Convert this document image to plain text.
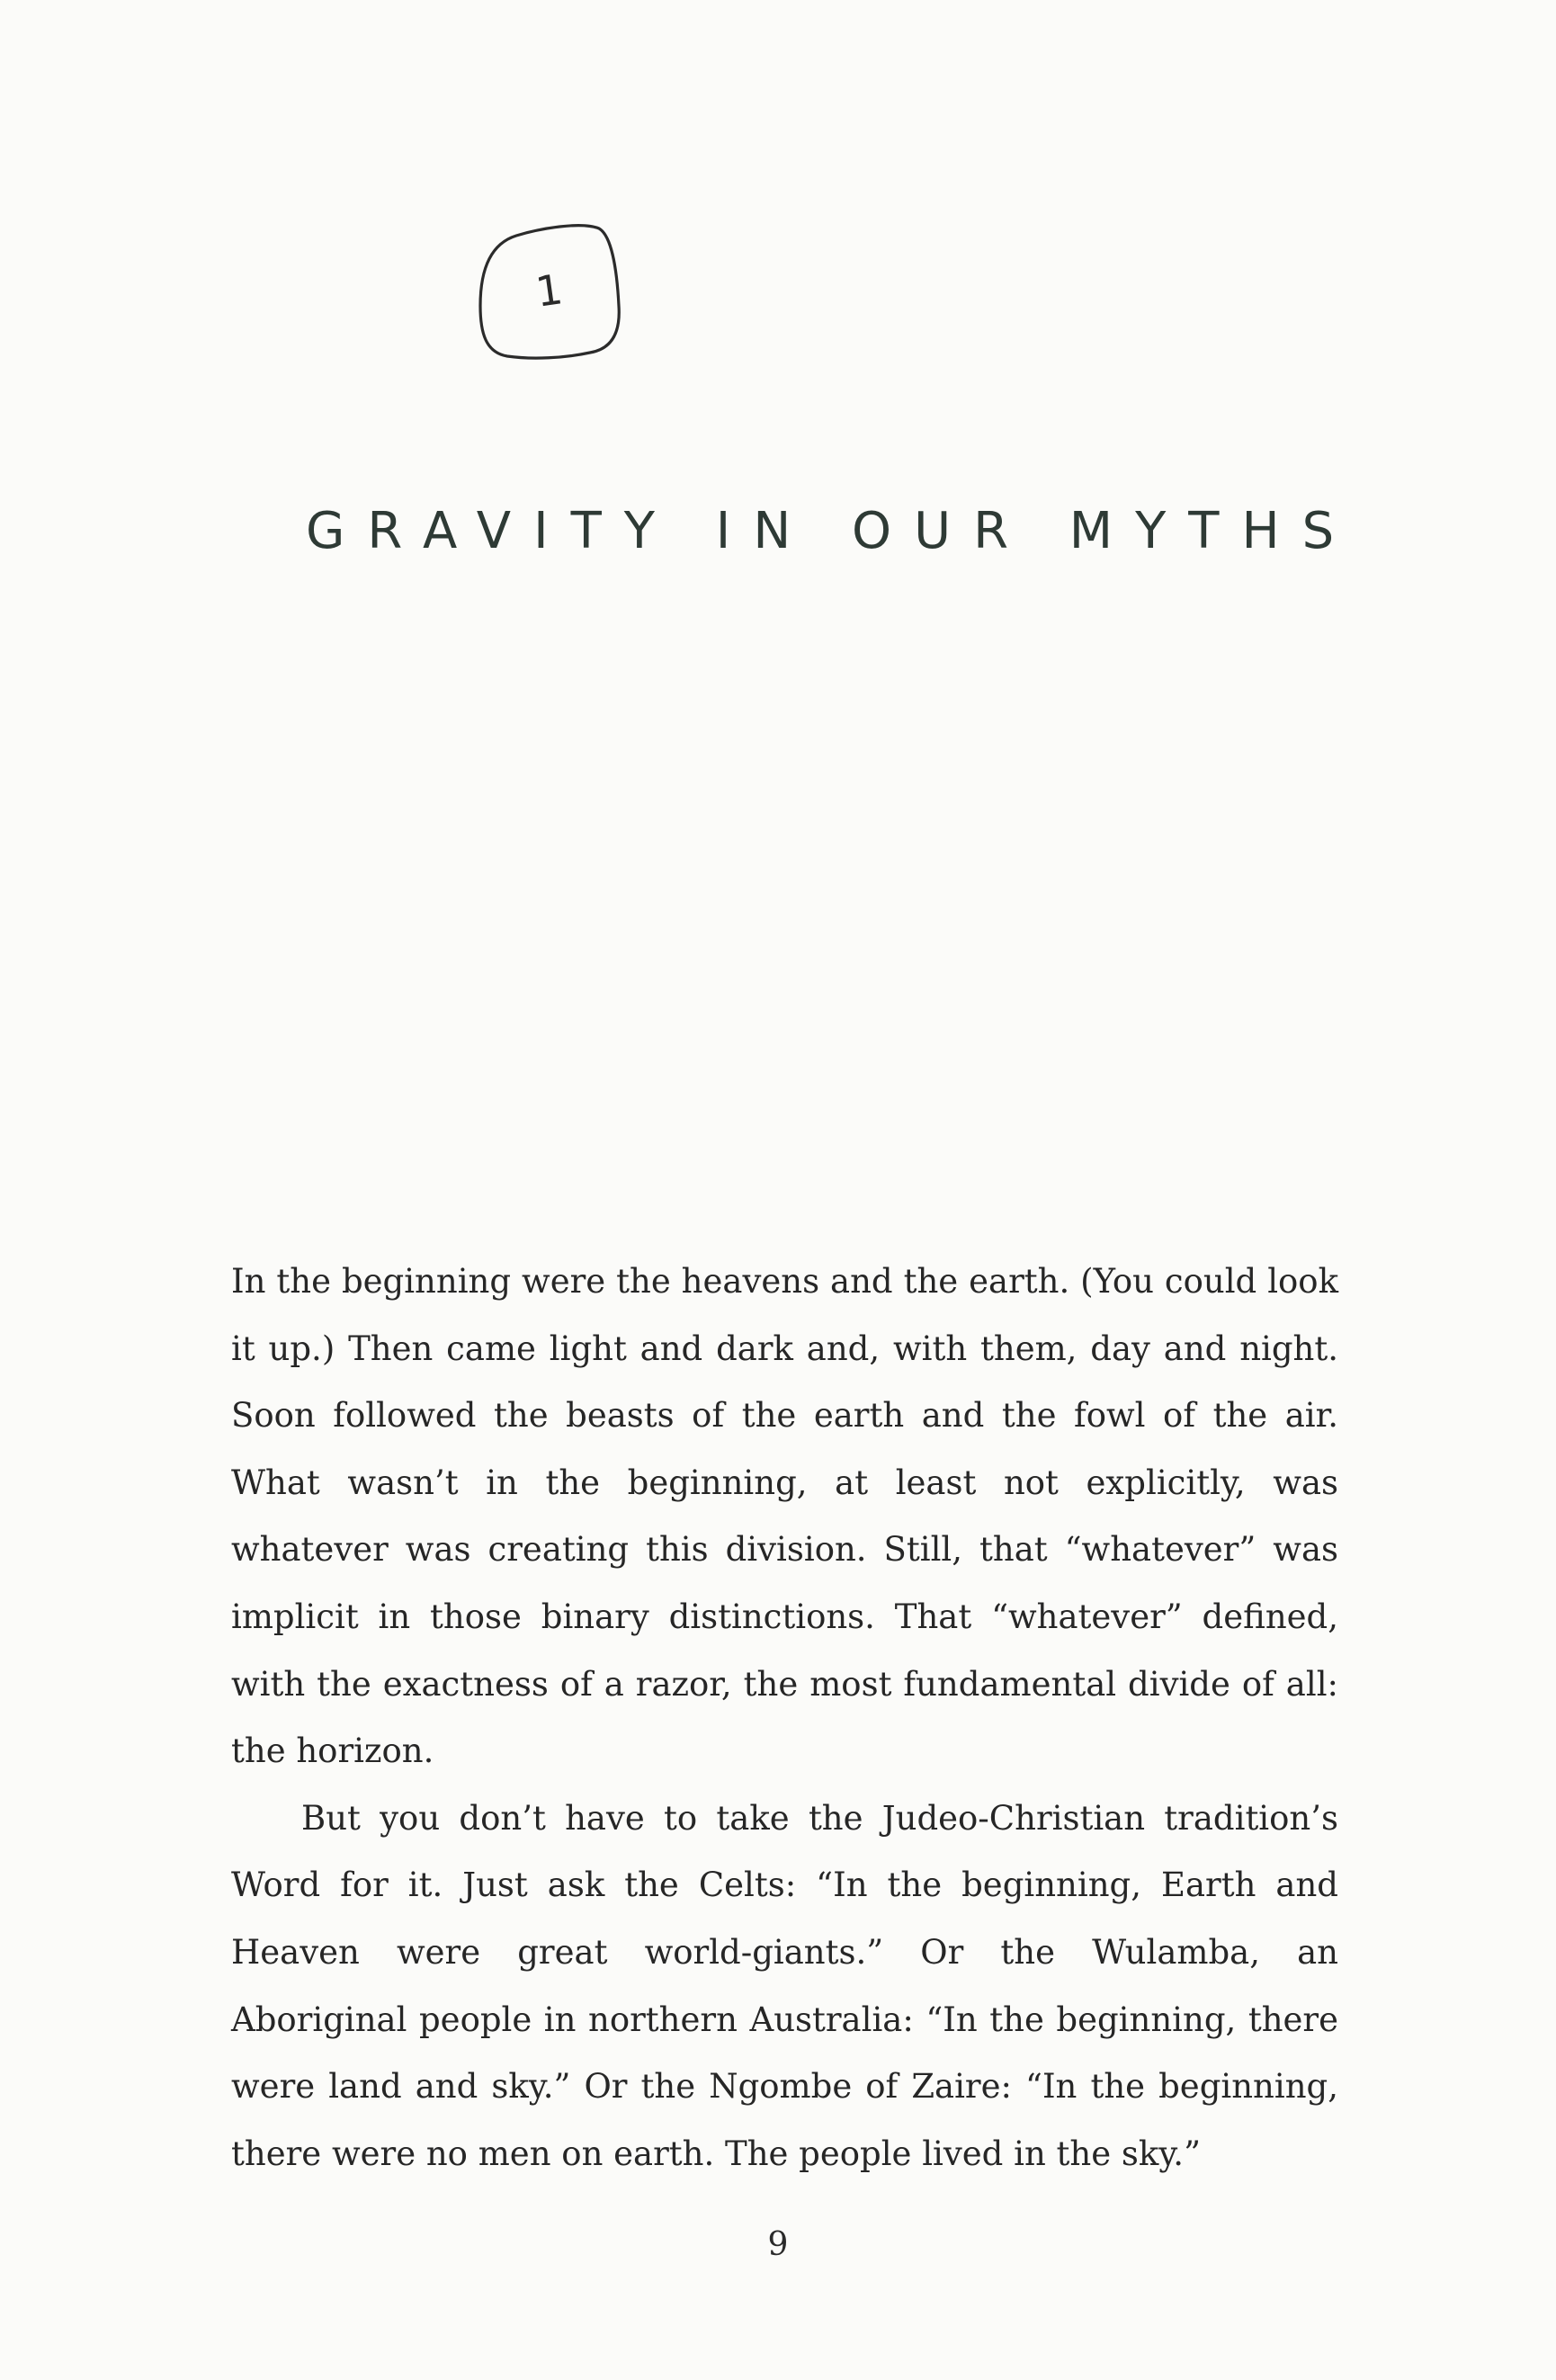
1
GRAVITY IN OUR MYTHS

In the beginning were the heavens and the earth. (You could look it up.) Then came light and dark and, with them, day and night. Soon followed the beasts of the earth and the fowl of the air. What wasn’t in the beginning, at least not explicitly, was whatever was creating this division. Still, that “whatever” was implicit in those binary distinctions. That “whatever” defined, with the exactness of a razor, the most fundamental divide of all: the horizon.

But you don’t have to take the Judeo-Christian tradition’s Word for it. Just ask the Celts: “In the beginning, Earth and Heaven were great world-giants.” Or the Wulamba, an Aboriginal people in northern Australia: “In the beginning, there were land and sky.” Or the Ngombe of Zaire: “In the beginning, there were no men on earth. The people lived in the sky.”

9
